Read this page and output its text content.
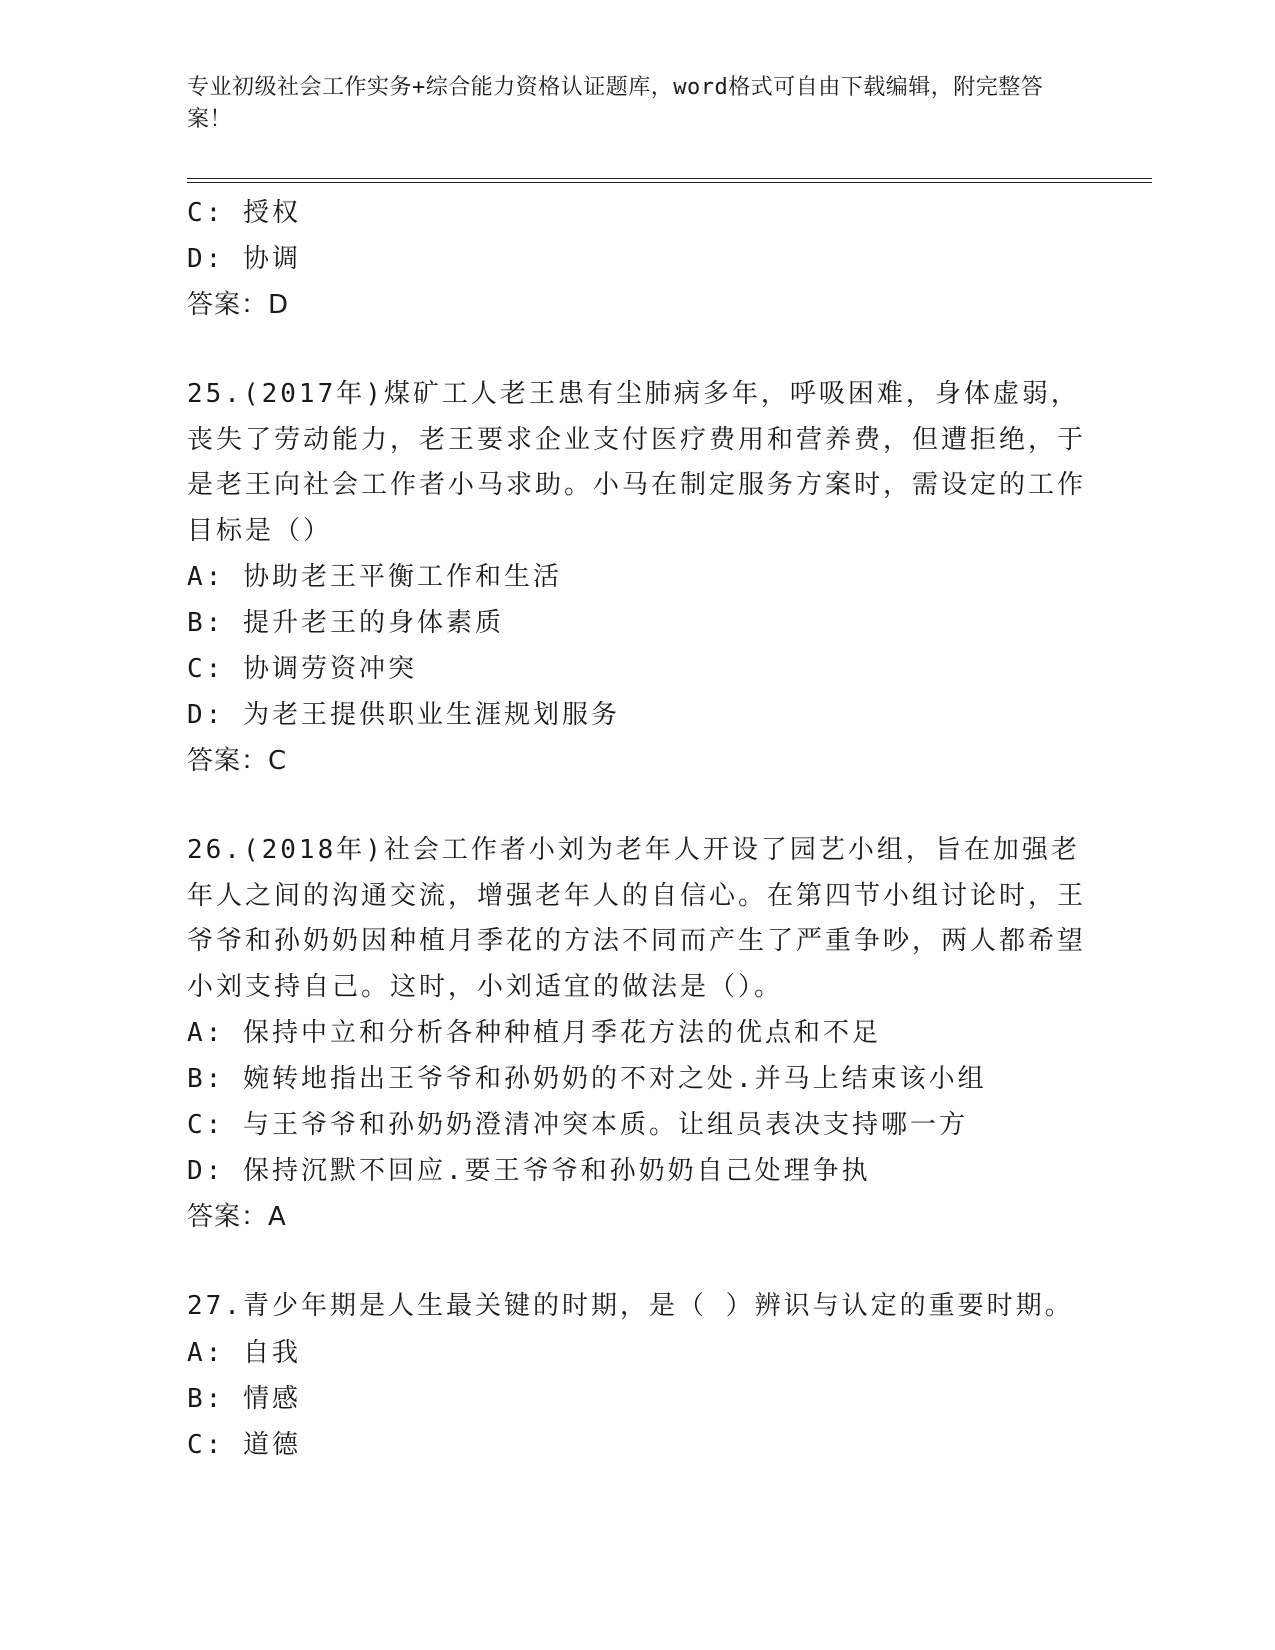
专业初级社会工作实务+综合能力资格认证题库，word格式可自由下载编辑，附完整答案！
C: 授权
D: 协调
答案：D
25.(2017年)煤矿工人老王患有尘肺病多年，呼吸困难，身体虚弱，丧失了劳动能力，老王要求企业支付医疗费用和营养费，但遭拒绝，于是老王向社会工作者小马求助。小马在制定服务方案时，需设定的工作目标是（）
A: 协助老王平衡工作和生活
B: 提升老王的身体素质
C: 协调劳资冲突
D: 为老王提供职业生涯规划服务
答案：C
26.(2018年)社会工作者小刘为老年人开设了园艺小组，旨在加强老年人之间的沟通交流，增强老年人的自信心。在第四节小组讨论时，王爷爷和孙奶奶因种植月季花的方法不同而产生了严重争吵，两人都希望小刘支持自己。这时，小刘适宜的做法是（）。
A: 保持中立和分析各种种植月季花方法的优点和不足
B: 婉转地指出王爷爷和孙奶奶的不对之处.并马上结束该小组
C: 与王爷爷和孙奶奶澄清冲突本质。让组员表决支持哪一方
D: 保持沉默不回应.要王爷爷和孙奶奶自己处理争执
答案：A
27.青少年期是人生最关键的时期，是（ ）辨识与认定的重要时期。
A: 自我
B: 情感
C: 道德
